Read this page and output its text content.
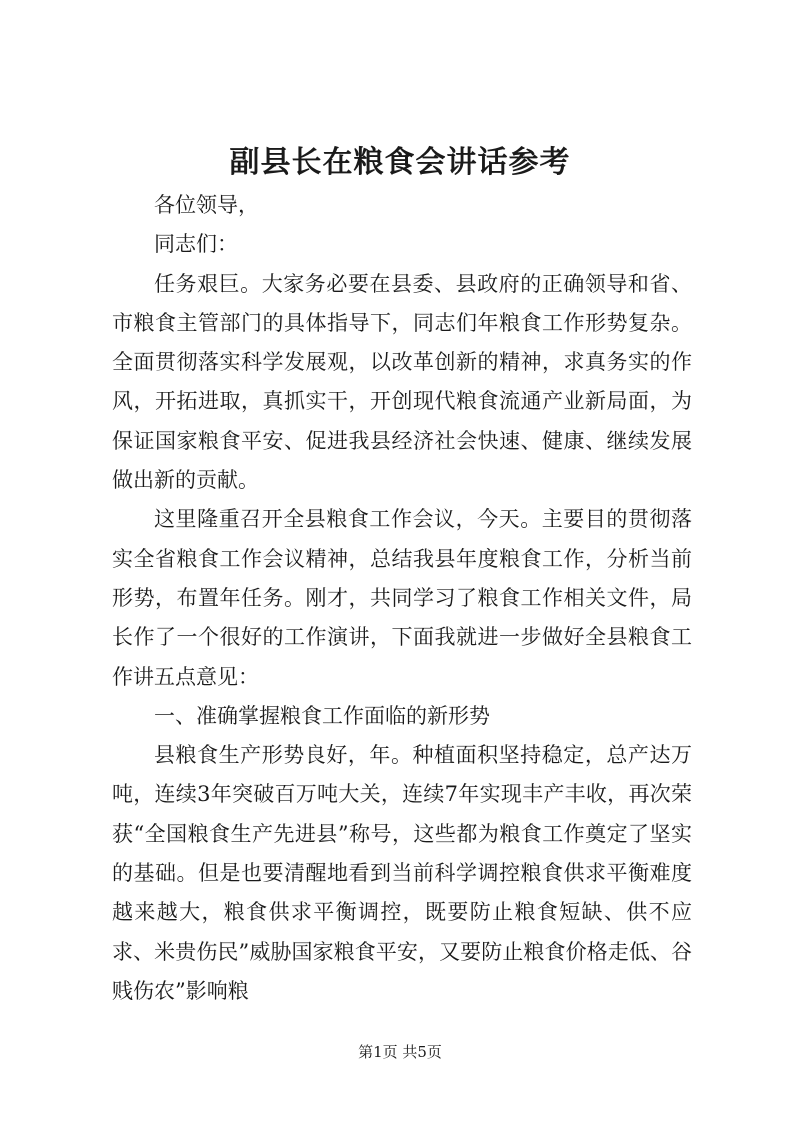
副县长在粮食会讲话参考

各位领导，

同志们：

任务艰巨。大家务必要在县委、县政府的正确领导和省、市粮食主管部门的具体指导下，同志们年粮食工作形势复杂。全面贯彻落实科学发展观，以改革创新的精神，求真务实的作风，开拓进取，真抓实干，开创现代粮食流通产业新局面，为保证国家粮食平安、促进我县经济社会快速、健康、继续发展做出新的贡献。

这里隆重召开全县粮食工作会议，今天。主要目的贯彻落实全省粮食工作会议精神，总结我县年度粮食工作，分析当前形势，布置年任务。刚才，共同学习了粮食工作相关文件，局长作了一个很好的工作演讲，下面我就进一步做好全县粮食工作讲五点意见：

一、准确掌握粮食工作面临的新形势

县粮食生产形势良好，年。种植面积坚持稳定，总产达万吨，连续3年突破百万吨大关，连续7年实现丰产丰收，再次荣获“全国粮食生产先进县”称号，这些都为粮食工作奠定了坚实的基础。但是也要清醒地看到当前科学调控粮食供求平衡难度越来越大，粮食供求平衡调控，既要防止粮食短缺、供不应求、米贵伤民”威胁国家粮食平安，又要防止粮食价格走低、谷贱伤农”影响粮

第1页 共5页
